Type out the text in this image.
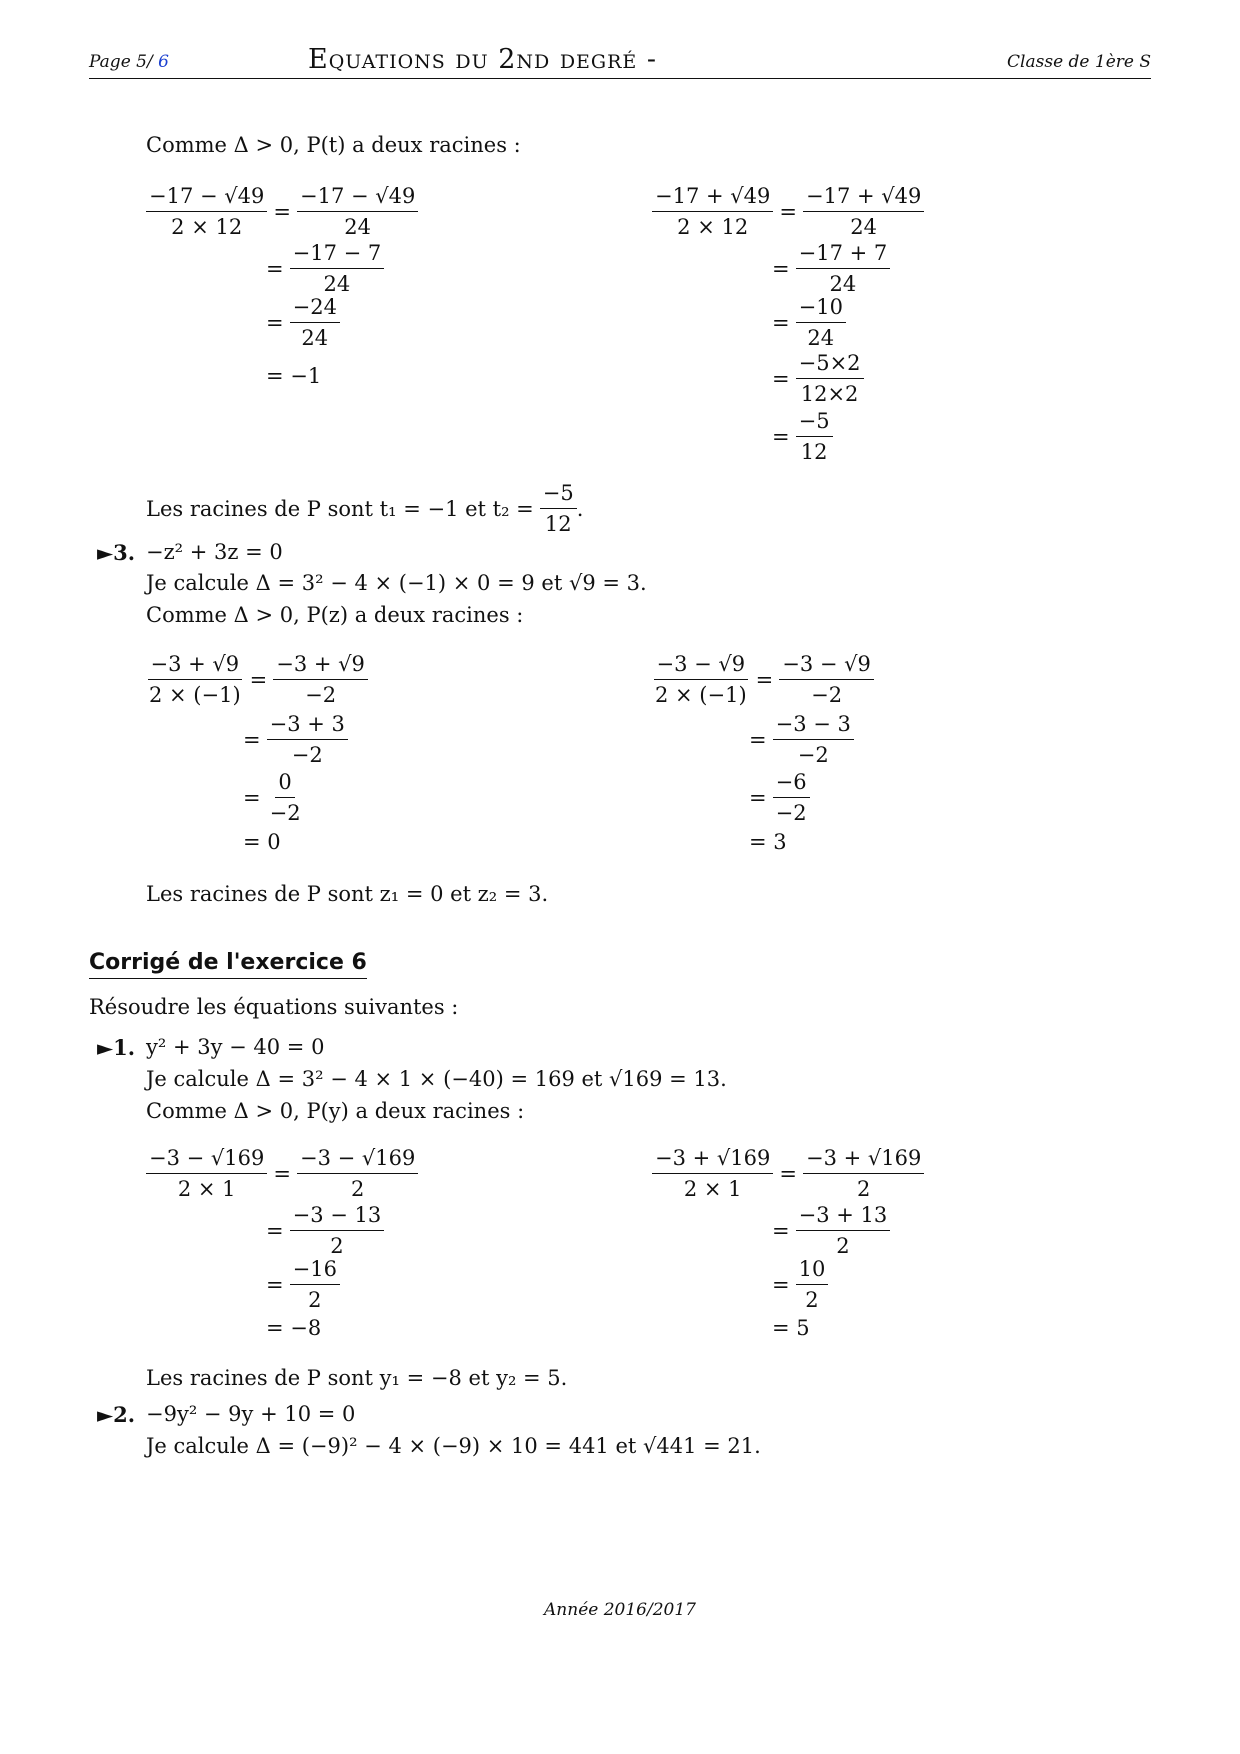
Page 5/ 6	Equations du 2nd degré -	Classe de 1ère S
Comme Δ > 0, P(t) a deux racines :
$\frac{-17 - √49}{2 \times 12} = \frac{-17 - √49}{24}$
= $\frac{-17 - 7}{24}$
= $\frac{-24}{24}$
= −1
$\frac{-17 + √49}{2 \times 12} = \frac{-17 + √49}{24}$
= $\frac{-17 + 7}{24}$
= $\frac{-10}{24}$
= $\frac{-5\times 2}{12\times 2}$
= $\frac{-5}{12}$
Les racines de P sont t₁ = −1 et $t_2 = \frac{-5}{12}$ .
►3. −z² + 3z = 0
Je calcule Δ = 3² − 4 × (−1) × 0 = 9 et √9 = 3.
Comme Δ > 0, P(z) a deux racines :
$\frac{-3 + √9}{2 \times (-1)} = \frac{-3 + √9}{-2}$
= $\frac{-3 + 3}{-2}$
= $\frac{0}{-2}$
= 0
$\frac{-3 - √9}{2 \times (-1)} = \frac{-3 - √9}{-2}$
= $\frac{-3 - 3}{-2}$
= $\frac{-6}{-2}$
= 3
Les racines de P sont z₁ = 0 et z₂ = 3.
Corrigé de l'exercice 6
Résoudre les équations suivantes :
►1. y² + 3y − 40 = 0
Je calcule Δ = 3² − 4 × 1 × (−40) = 169 et √169 = 13.
Comme Δ > 0, P(y) a deux racines :
$\frac{-3 - √169}{2 \times 1} = \frac{-3 - √169}{2}$
= $\frac{-3 - 13}{2}$
= $\frac{-16}{2}$
= −8
$\frac{-3 + √169}{2 \times 1} = \frac{-3 + √169}{2}$
= $\frac{-3 + 13}{2}$
= $\frac{10}{2}$
= 5
Les racines de P sont y₁ = −8 et y₂ = 5.
►2. −9y² − 9y + 10 = 0
Je calcule Δ = (−9)² − 4 × (−9) × 10 = 441 et √441 = 21.
Année 2016/2017
